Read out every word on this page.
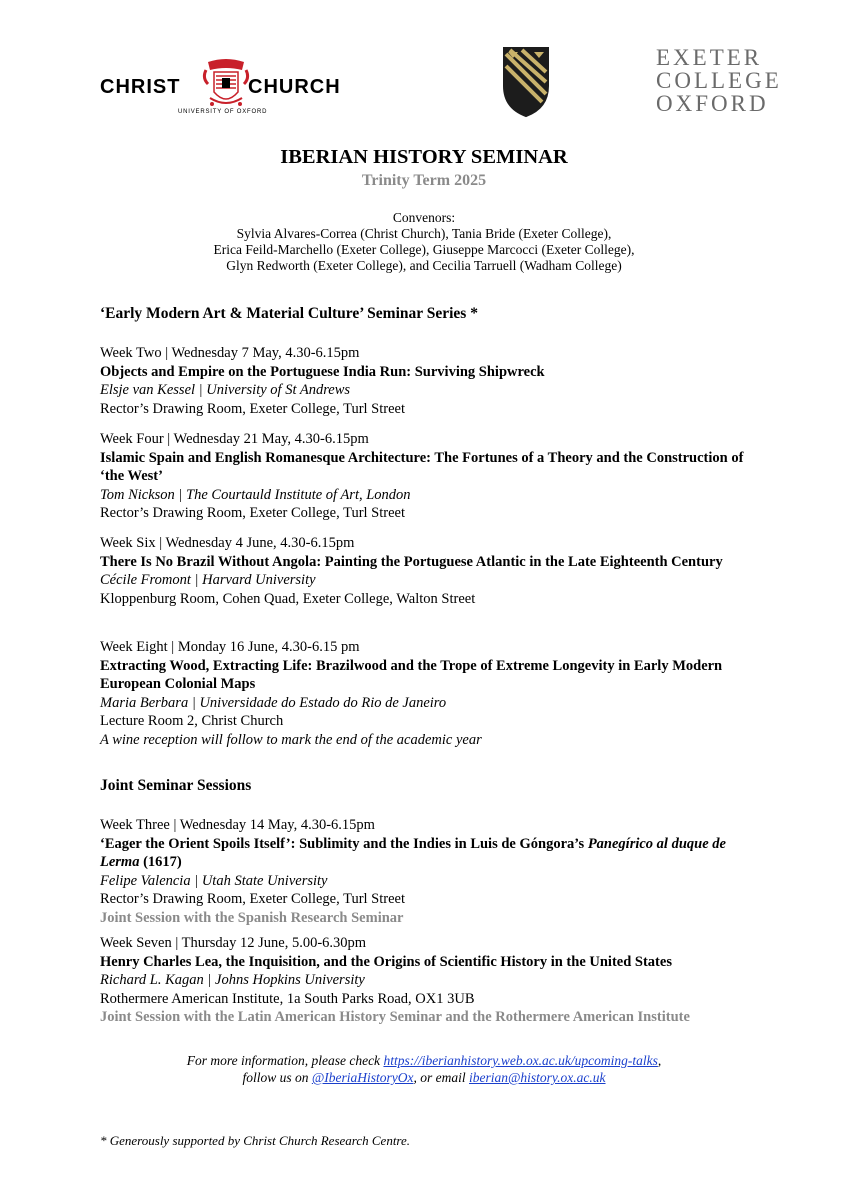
CHRIST	CHURCH
UNIVERSITY OF OXFORD
EXETER
COLLEGE
OXFORD
IBERIAN HISTORY SEMINAR
Trinity Term 2025
Convenors:
Sylvia Alvares-Correa (Christ Church), Tania Bride (Exeter College),
Erica Feild-Marchello (Exeter College), Giuseppe Marcocci (Exeter College),
Glyn Redworth (Exeter College), and Cecilia Tarruell (Wadham College)
‘Early Modern Art & Material Culture’ Seminar Series *
Week Two | Wednesday 7 May, 4.30-6.15pm
Objects and Empire on the Portuguese India Run: Surviving Shipwreck
Elsje van Kessel | University of St Andrews
Rector’s Drawing Room, Exeter College, Turl Street
Week Four | Wednesday 21 May, 4.30-6.15pm
Islamic Spain and English Romanesque Architecture: The Fortunes of a Theory and the Construction of ‘the West’
Tom Nickson | The Courtauld Institute of Art, London
Rector’s Drawing Room, Exeter College, Turl Street
Week Six | Wednesday 4 June, 4.30-6.15pm
There Is No Brazil Without Angola: Painting the Portuguese Atlantic in the Late Eighteenth Century
Cécile Fromont | Harvard University
Kloppenburg Room, Cohen Quad, Exeter College, Walton Street
Week Eight | Monday 16 June, 4.30-6.15 pm
Extracting Wood, Extracting Life: Brazilwood and the Trope of Extreme Longevity in Early Modern European Colonial Maps
Maria Berbara | Universidade do Estado do Rio de Janeiro
Lecture Room 2, Christ Church
A wine reception will follow to mark the end of the academic year
Joint Seminar Sessions
Week Three | Wednesday 14 May, 4.30-6.15pm
‘Eager the Orient Spoils Itself’: Sublimity and the Indies in Luis de Góngora’s Panegírico al duque de Lerma (1617)
Felipe Valencia | Utah State University
Rector’s Drawing Room, Exeter College, Turl Street
Joint Session with the Spanish Research Seminar
Week Seven | Thursday 12 June, 5.00-6.30pm
Henry Charles Lea, the Inquisition, and the Origins of Scientific History in the United States
Richard L. Kagan | Johns Hopkins University
Rothermere American Institute, 1a South Parks Road, OX1 3UB
Joint Session with the Latin American History Seminar and the Rothermere American Institute
For more information, please check https://iberianhistory.web.ox.ac.uk/upcoming-talks,
follow us on @IberiaHistoryOx, or email iberian@history.ox.ac.uk
* Generously supported by Christ Church Research Centre.
